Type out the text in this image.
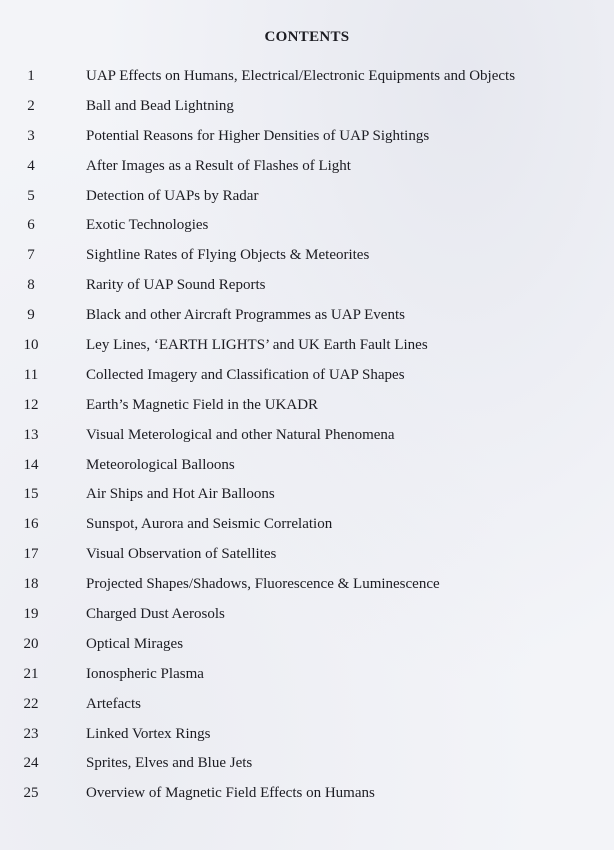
CONTENTS
1	UAP Effects on Humans, Electrical/Electronic Equipments and Objects
2	Ball and Bead Lightning
3	Potential Reasons for Higher Densities of UAP Sightings
4	After Images as a Result of Flashes of Light
5	Detection of UAPs by Radar
6	Exotic Technologies
7	Sightline Rates of Flying Objects & Meteorites
8	Rarity of UAP Sound Reports
9	Black and other Aircraft Programmes as UAP Events
10	Ley Lines, ‘EARTH LIGHTS’ and UK Earth Fault Lines
11	Collected Imagery and Classification of UAP Shapes
12	Earth’s Magnetic Field in the UKADR
13	Visual Meterological and other Natural Phenomena
14	Meteorological Balloons
15	Air Ships and Hot Air Balloons
16	Sunspot, Aurora and Seismic Correlation
17	Visual Observation of Satellites
18	Projected Shapes/Shadows, Fluorescence & Luminescence
19	Charged Dust Aerosols
20	Optical Mirages
21	Ionospheric Plasma
22	Artefacts
23	Linked Vortex Rings
24	Sprites, Elves and Blue Jets
25	Overview of Magnetic Field Effects on Humans
